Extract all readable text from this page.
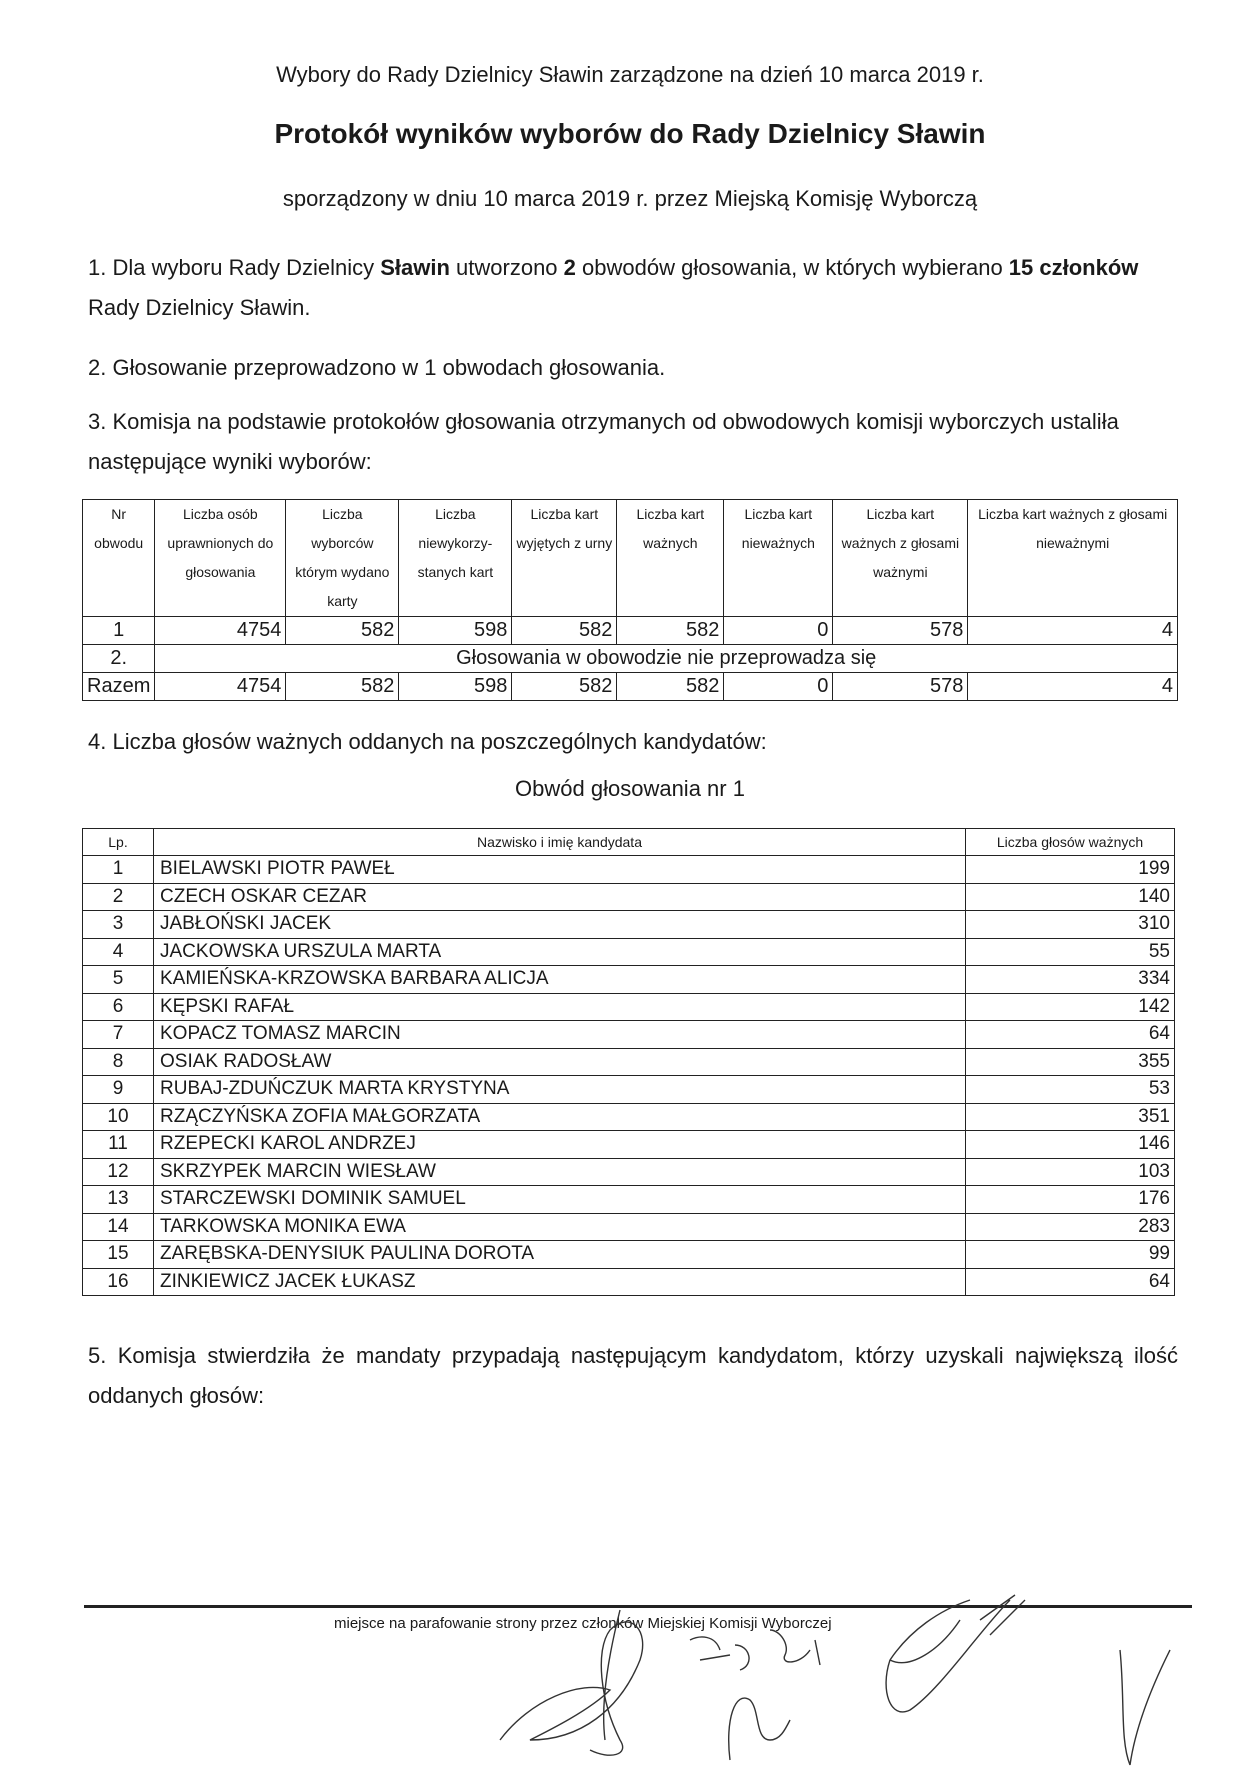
Wybory do Rady Dzielnicy Sławin zarządzone na dzień 10 marca 2019 r.
Protokół wyników wyborów do Rady Dzielnicy Sławin
sporządzony w dniu 10 marca 2019 r. przez Miejską Komisję Wyborczą
1. Dla wyboru Rady Dzielnicy Sławin utworzono 2 obwodów głosowania, w których wybierano 15 członków Rady Dzielnicy Sławin.
2. Głosowanie przeprowadzono w 1 obwodach głosowania.
3. Komisja na podstawie protokołów głosowania otrzymanych od obwodowych komisji wyborczych ustaliła następujące wyniki wyborów:
Nr obwodu	Liczba osób uprawnionych do głosowania	Liczba wyborców którym wydano karty	Liczba niewykorzy-stanych kart	Liczba kart wyjętych z urny	Liczba kart ważnych	Liczba kart nieważnych	Liczba kart ważnych z głosami ważnymi	Liczba kart ważnych z głosami nieważnymi
1	4754	582	598	582	582	0	578	4
2.	Głosowania w obowodzie nie przeprowadza się							
Razem	4754	582	598	582	582	0	578	4
4. Liczba głosów ważnych oddanych na poszczególnych kandydatów:
Obwód głosowania nr 1
Lp.	Nazwisko i imię kandydata	Liczba głosów ważnych
1	BIELAWSKI PIOTR PAWEŁ	199
2	CZECH OSKAR CEZAR	140
3	JABŁOŃSKI JACEK	310
4	JACKOWSKA URSZULA MARTA	55
5	KAMIEŃSKA-KRZOWSKA BARBARA ALICJA	334
6	KĘPSKI RAFAŁ	142
7	KOPACZ TOMASZ MARCIN	64
8	OSIAK RADOSŁAW	355
9	RUBAJ-ZDUŃCZUK MARTA KRYSTYNA	53
10	RZĄCZYŃSKA ZOFIA MAŁGORZATA	351
11	RZEPECKI KAROL ANDRZEJ	146
12	SKRZYPEK MARCIN WIESŁAW	103
13	STARCZEWSKI DOMINIK SAMUEL	176
14	TARKOWSKA MONIKA EWA	283
15	ZARĘBSKA-DENYSIUK PAULINA DOROTA	99
16	ZINKIEWICZ JACEK ŁUKASZ	64
5. Komisja stwierdziła że mandaty przypadają następującym kandydatom, którzy uzyskali największą ilość oddanych głosów:
miejsce na parafowanie strony przez członków Miejskiej Komisji Wyborczej
